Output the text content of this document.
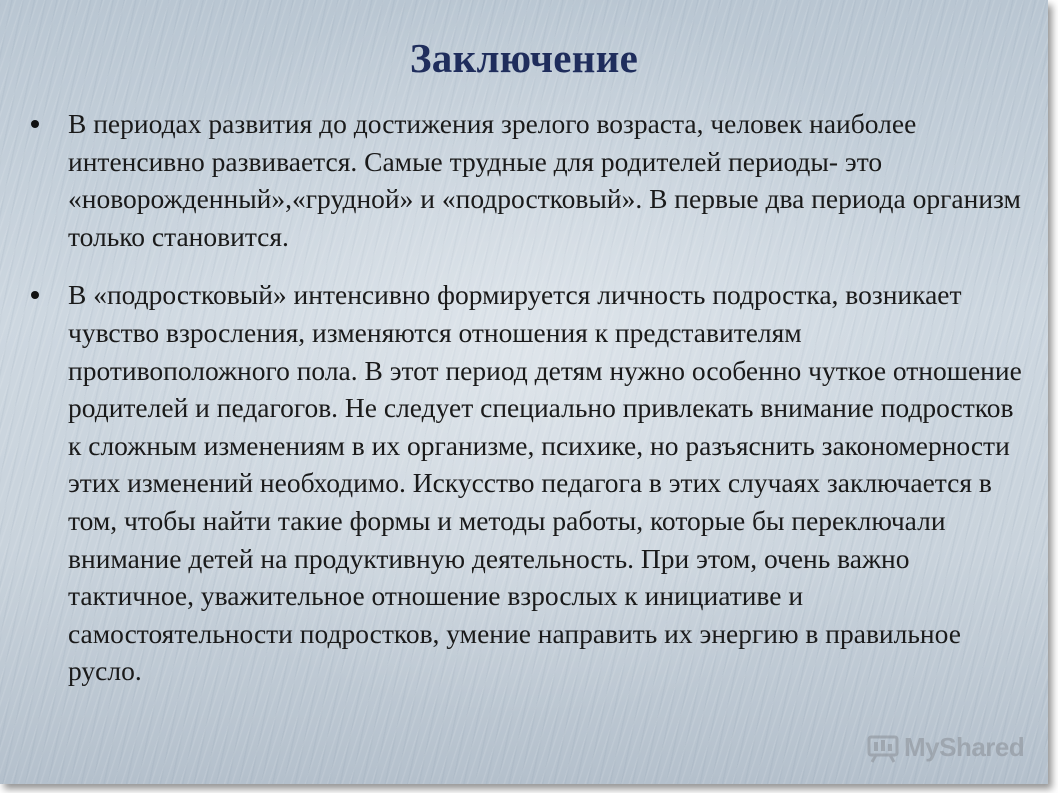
Заключение
В периодах развития до достижения зрелого возраста, человек наиболее интенсивно развивается. Самые трудные для родителей периоды- это «новорожденный»,«грудной» и «подростковый». В первые два периода организм только становится.
В «подростковый» интенсивно формируется личность подростка, возникает чувство взросления, изменяются отношения к представителям противоположного пола. В этот период детям нужно особенно чуткое отношение родителей и педагогов. Не следует специально привлекать внимание подростков к сложным изменениям в их организме, психике, но разъяснить закономерности этих изменений необходимо. Искусство педагога в этих случаях заключается в том, чтобы найти такие формы и методы работы, которые бы переключали внимание детей на продуктивную деятельность. При этом, очень важно тактичное, уважительное отношение взрослых к инициативе и самостоятельности подростков, умение направить их энергию в правильное русло.
MyShared
